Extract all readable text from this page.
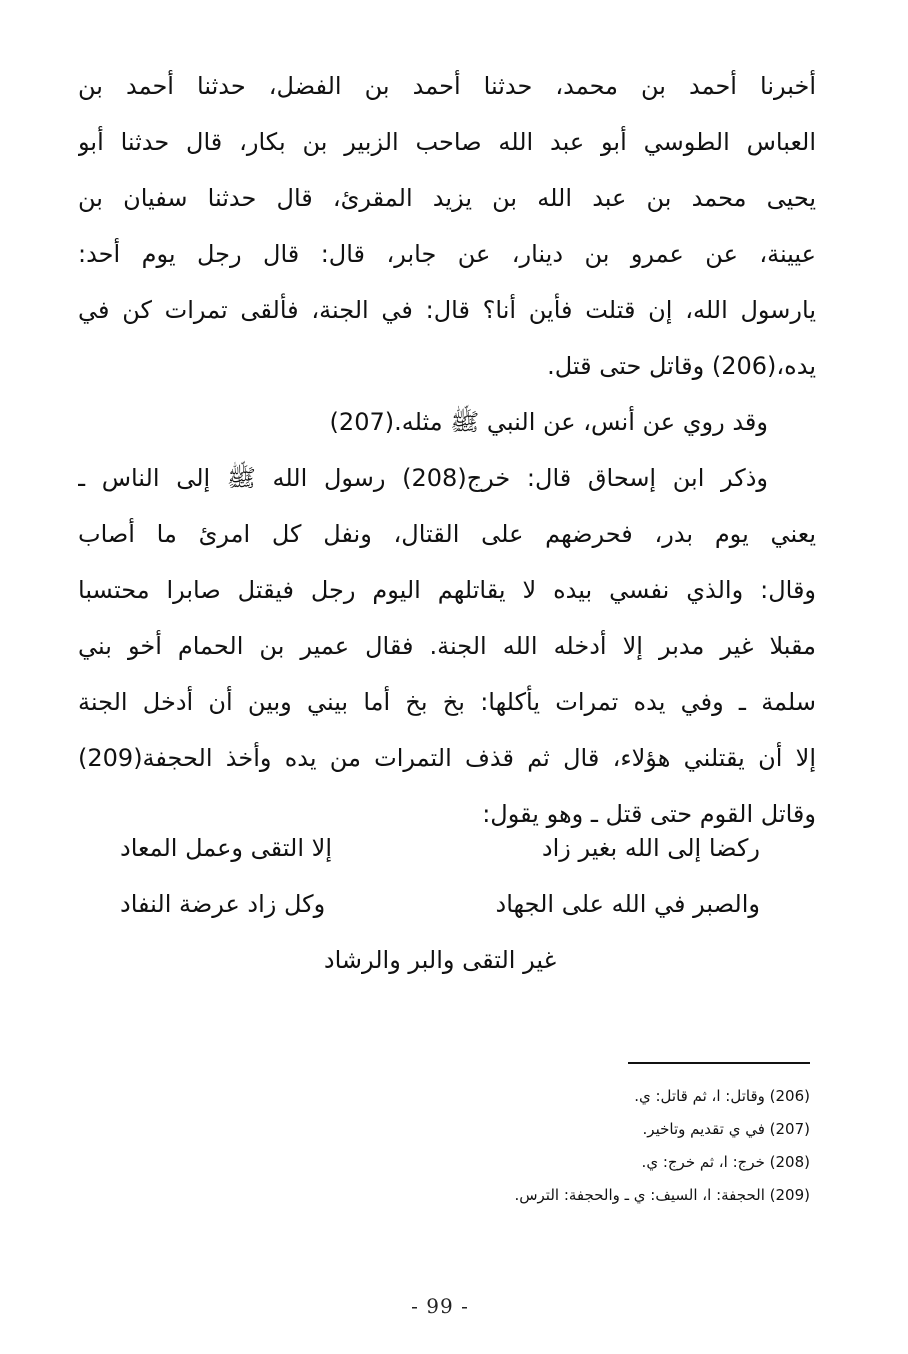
أخبرنا أحمد بن محمد، حدثنا أحمد بن الفضل، حدثنا أحمد بن
العباس الطوسي أبو عبد الله صاحب الزبير بن بكار، قال حدثنا أبو
يحيى محمد بن عبد الله بن يزيد المقرئ، قال حدثنا سفيان بن
عيينة، عن عمرو بن دينار، عن جابر، قال: قال رجل يوم أحد:
يارسول الله، إن قتلت فأين أنا؟ قال: في الجنة، فألقى تمرات كن في
يده،(206) وقاتل حتى قتل.
وقد روي عن أنس، عن النبي ﷺ مثله.(207)
وذكر ابن إسحاق قال: خرج(208) رسول الله ﷺ إلى الناس ـ
يعني يوم بدر، فحرضهم على القتال، ونفل كل امرئ ما أصاب
وقال: والذي نفسي بيده لا يقاتلهم اليوم رجل فيقتل صابرا محتسبا
مقبلا غير مدبر إلا أدخله الله الجنة. فقال عمير بن الحمام أخو بني
سلمة ـ وفي يده تمرات يأكلها: بخ بخ أما بيني وبين أن أدخل الجنة
إلا أن يقتلني هؤلاء، قال ثم قذف التمرات من يده وأخذ الحجفة(209)
وقاتل القوم حتى قتل ـ وهو يقول:
ركضا إلى الله بغير زاد
إلا التقى وعمل المعاد
والصبر في الله على الجهاد
وكل زاد عرضة النفاد
غير التقى والبر والرشاد
(206) وقاتل: ا، ثم قاتل: ي.
(207) في ي تقديم وتاخير.
(208) خرج: ا، ثم خرج: ي.
(209) الحجفة: ا، السيف: ي ـ والحجفة: الترس.
- 99 -
